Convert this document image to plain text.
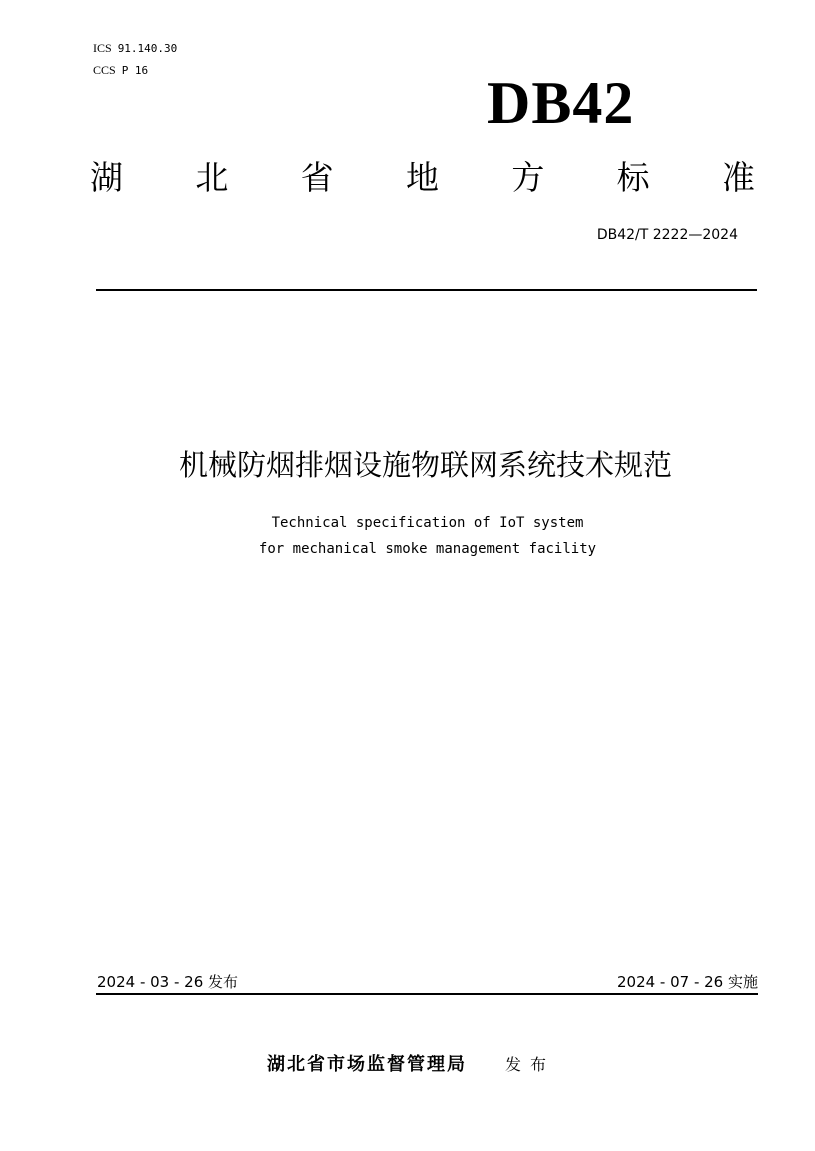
ICS 91.140.30
CCS P 16	DB42
湖 北 省 地 方 标 准
DB42/T 2222—2024
机械防烟排烟设施物联网系统技术规范
Technical specification of IoT system
for mechanical smoke management facility
2024 - 03 - 26 发布	2024 - 07 - 26 实施
湖北省市场监督管理局 发 布
